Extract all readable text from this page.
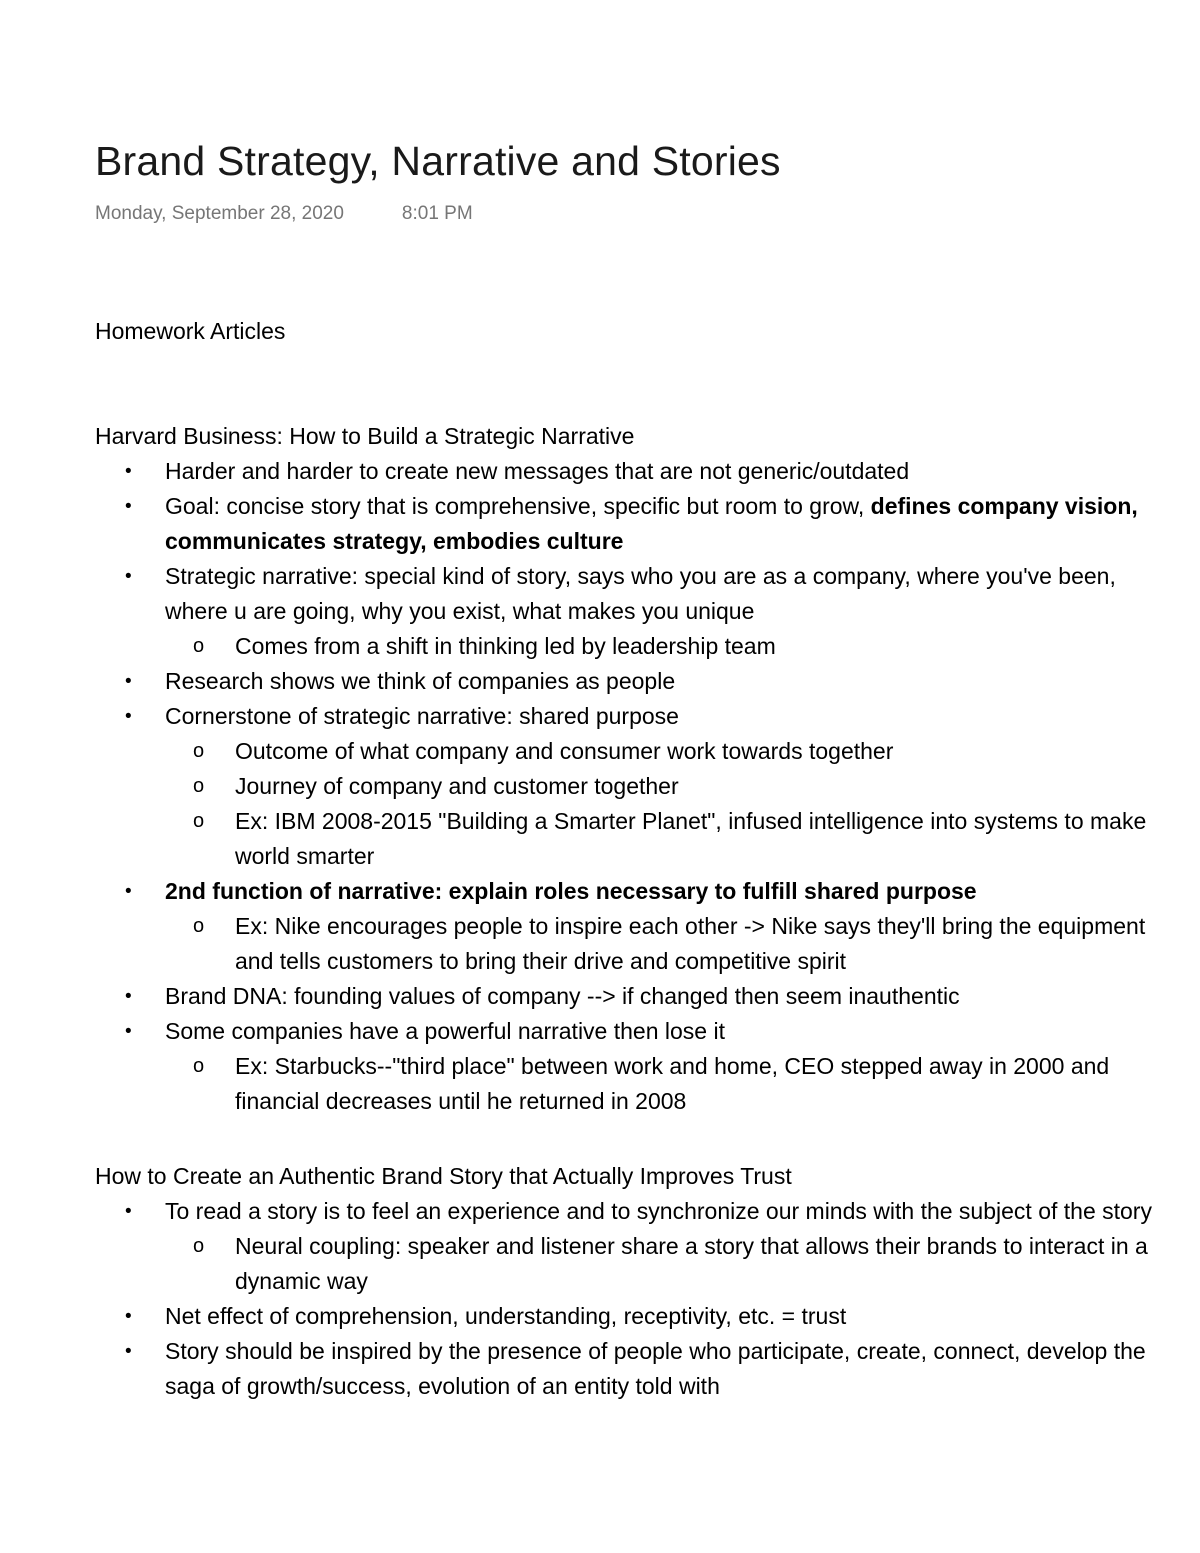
Brand Strategy, Narrative and Stories
Monday, September 28, 2020	8:01 PM
Homework Articles
Harvard Business: How to Build a Strategic Narrative
• Harder and harder to create new messages that are not generic/outdated
• Goal: concise story that is comprehensive, specific but room to grow, defines company vision, communicates strategy, embodies culture
• Strategic narrative: special kind of story, says who you are as a company, where you've been, where u are going, why you exist, what makes you unique
o Comes from a shift in thinking led by leadership team
• Research shows we think of companies as people
• Cornerstone of strategic narrative: shared purpose
o Outcome of what company and consumer work towards together
o Journey of company and customer together
o Ex: IBM 2008-2015 "Building a Smarter Planet", infused intelligence into systems to make world smarter
• 2nd function of narrative: explain roles necessary to fulfill shared purpose
o Ex: Nike encourages people to inspire each other -> Nike says they'll bring the equipment and tells customers to bring their drive and competitive spirit
• Brand DNA: founding values of company --> if changed then seem inauthentic
• Some companies have a powerful narrative then lose it
o Ex: Starbucks--"third place" between work and home, CEO stepped away in 2000 and financial decreases until he returned in 2008
How to Create an Authentic Brand Story that Actually Improves Trust
• To read a story is to feel an experience and to synchronize our minds with the subject of the story
o Neural coupling: speaker and listener share a story that allows their brands to interact in a dynamic way
• Net effect of comprehension, understanding, receptivity, etc. = trust
• Story should be inspired by the presence of people who participate, create, connect, develop the saga of growth/success, evolution of an entity told with
